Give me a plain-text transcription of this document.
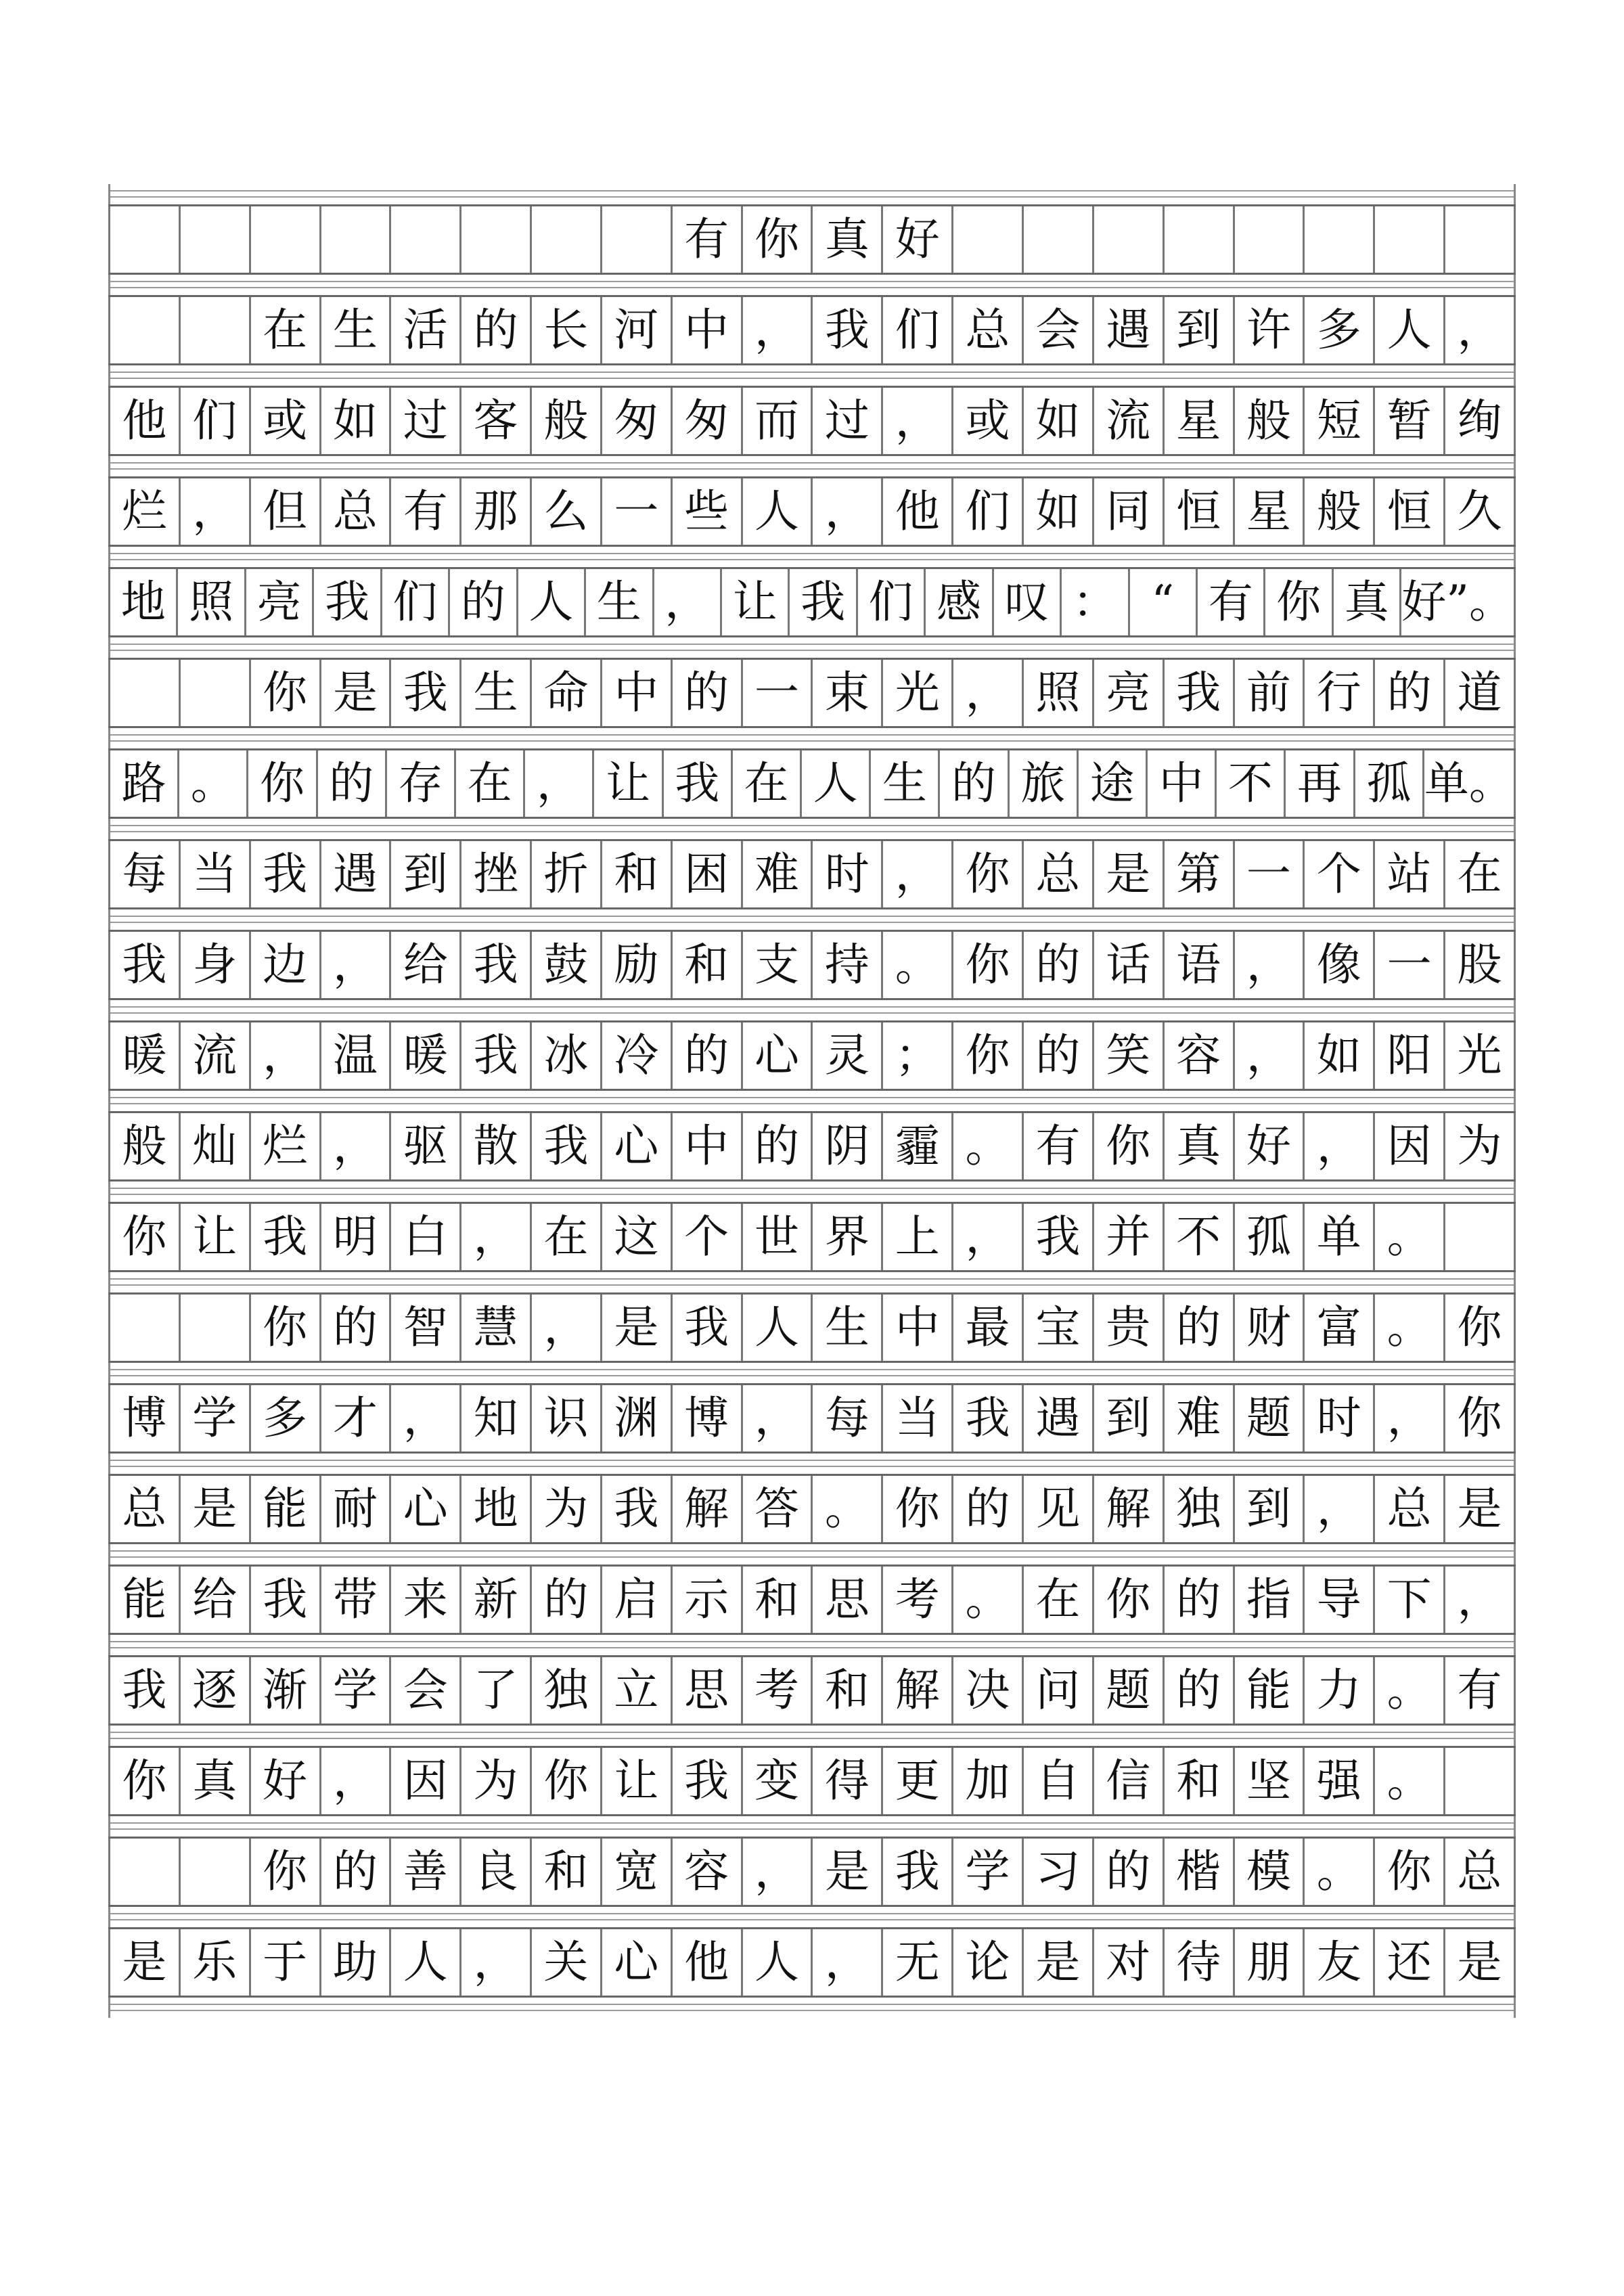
有 你 真 好
在 生 活 的 长 河 中 ， 我 们 总 会 遇 到 许 多 人 ，
他 们 或 如 过 客 般 匆 匆 而 过 ， 或 如 流 星 般 短 暂 绚
烂 ， 但 总 有 那 么 一 些 人 ， 他 们 如 同 恒 星 般 恒 久
地 照 亮 我 们 的 人 生 ， 让 我 们 感 叹 ： “ 有 你 真 好”。
你 是 我 生 命 中 的 一 束 光 ， 照 亮 我 前 行 的 道
路 。 你 的 存 在 ， 让 我 在 人 生 的 旅 途 中 不 再 孤 单。
每 当 我 遇 到 挫 折 和 困 难 时 ， 你 总 是 第 一 个 站 在
我 身 边 ， 给 我 鼓 励 和 支 持 。 你 的 话 语 ， 像 一 股
暖 流 ， 温 暖 我 冰 冷 的 心 灵 ； 你 的 笑 容 ， 如 阳 光
般 灿 烂 ， 驱 散 我 心 中 的 阴 霾 。 有 你 真 好 ， 因 为
你 让 我 明 白 ， 在 这 个 世 界 上 ， 我 并 不 孤 单 。
你 的 智 慧 ， 是 我 人 生 中 最 宝 贵 的 财 富 。 你
博 学 多 才 ， 知 识 渊 博 ， 每 当 我 遇 到 难 题 时 ， 你
总 是 能 耐 心 地 为 我 解 答 。 你 的 见 解 独 到 ， 总 是
能 给 我 带 来 新 的 启 示 和 思 考 。 在 你 的 指 导 下 ，
我 逐 渐 学 会 了 独 立 思 考 和 解 决 问 题 的 能 力 。 有
你 真 好 ， 因 为 你 让 我 变 得 更 加 自 信 和 坚 强 。
你 的 善 良 和 宽 容 ， 是 我 学 习 的 楷 模 。 你 总
是 乐 于 助 人 ， 关 心 他 人 ， 无 论 是 对 待 朋 友 还 是
